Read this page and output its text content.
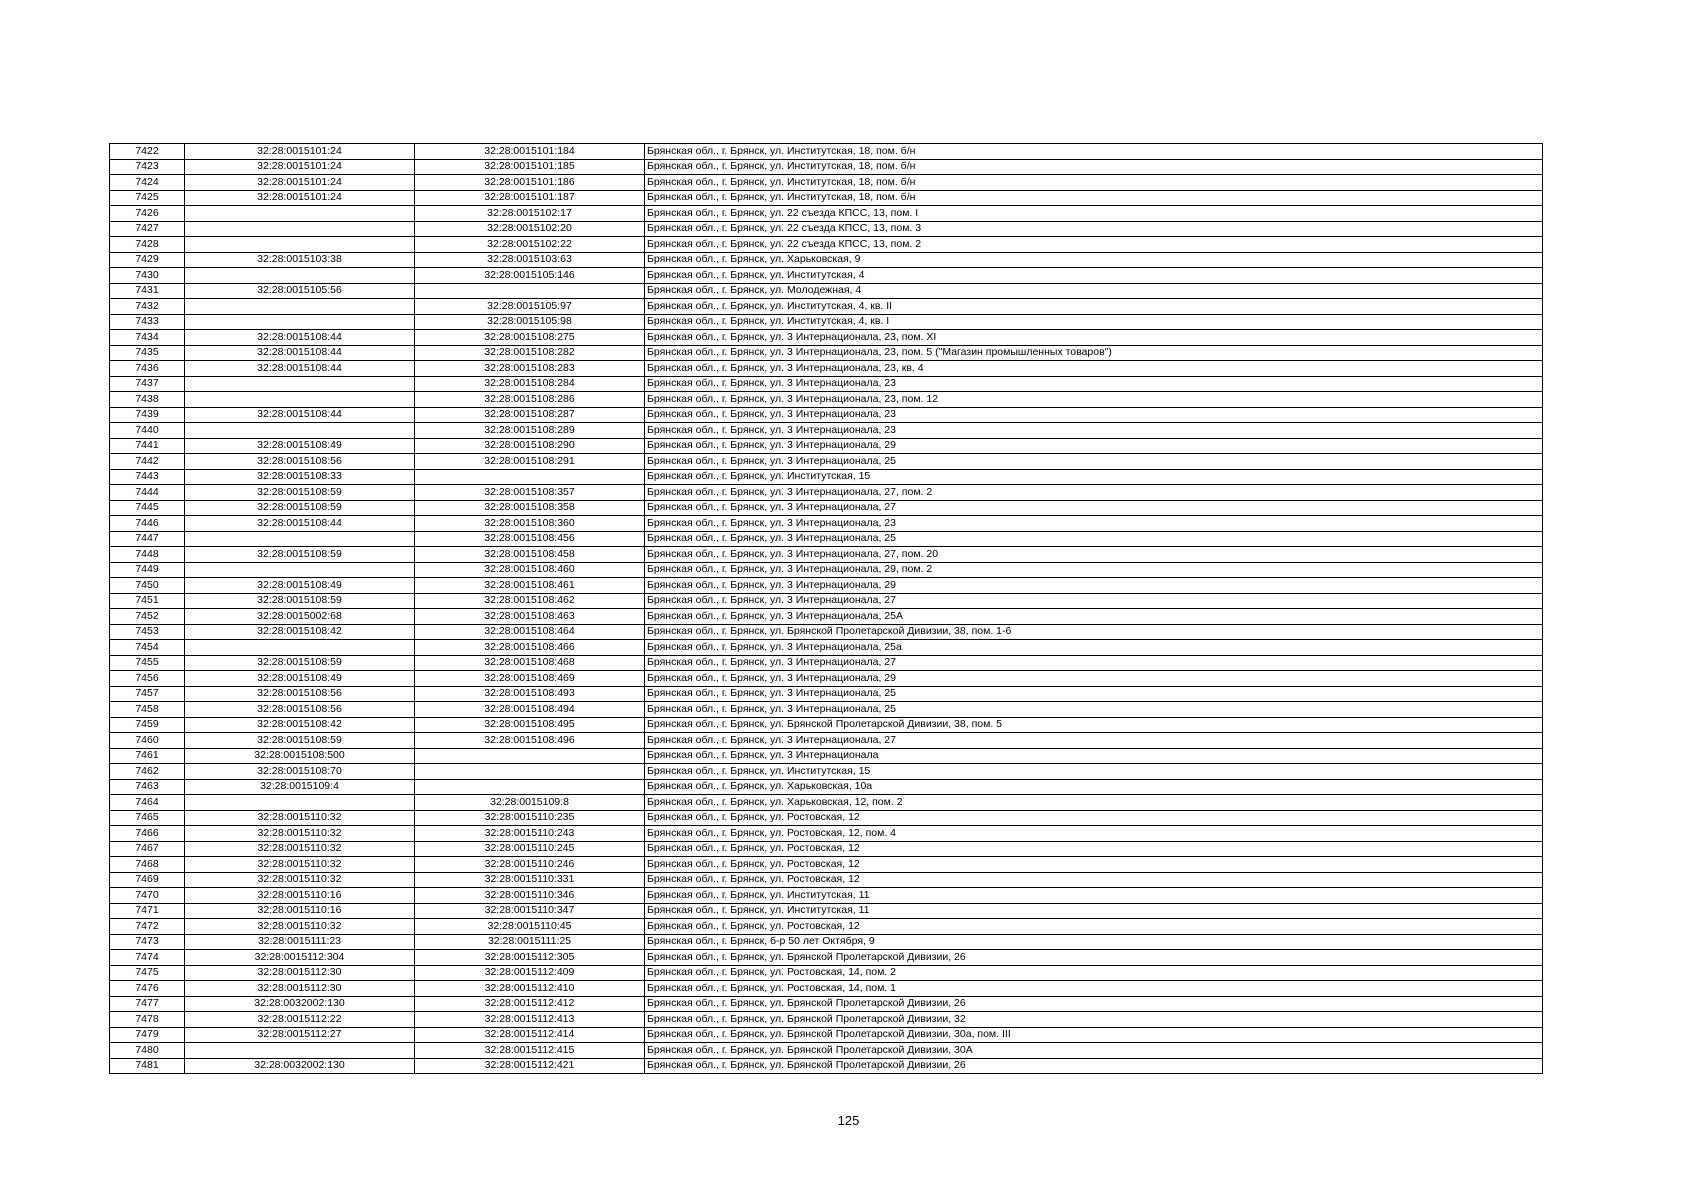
7422	32:28:0015101:24	32:28:0015101:184	Брянская обл., г. Брянск, ул. Институтская, 18, пом. б/н
7423	32:28:0015101:24	32:28:0015101:185	Брянская обл., г. Брянск, ул. Институтская, 18, пом. б/н
7424	32:28:0015101:24	32:28:0015101:186	Брянская обл., г. Брянск, ул. Институтская, 18, пом. б/н
7425	32:28:0015101:24	32:28:0015101:187	Брянская обл., г. Брянск, ул. Институтская, 18, пом. б/н
7426		32:28:0015102:17	Брянская обл., г. Брянск, ул. 22 съезда КПСС, 13, пом. I
7427		32:28:0015102:20	Брянская обл., г. Брянск, ул. 22 съезда КПСС, 13, пом. 3
7428		32:28:0015102:22	Брянская обл., г. Брянск, ул. 22 съезда КПСС, 13, пом. 2
7429	32:28:0015103:38	32:28:0015103:63	Брянская обл., г. Брянск, ул. Харьковская, 9
7430		32:28:0015105:146	Брянская обл., г. Брянск, ул. Институтская, 4
7431	32:28:0015105:56		Брянская обл., г. Брянск, ул. Молодежная, 4
7432		32:28:0015105:97	Брянская обл., г. Брянск, ул. Институтская, 4, кв. II
7433		32:28:0015105:98	Брянская обл., г. Брянск, ул. Институтская, 4, кв. I
7434	32:28:0015108:44	32:28:0015108:275	Брянская обл., г. Брянск, ул. 3 Интернационала, 23, пом. XI
7435	32:28:0015108:44	32:28:0015108:282	Брянская обл., г. Брянск, ул. 3 Интернационала, 23, пом. 5 ("Магазин промышленных товаров")
7436	32:28:0015108:44	32:28:0015108:283	Брянская обл., г. Брянск, ул. 3 Интернационала, 23, кв. 4
7437		32:28:0015108:284	Брянская обл., г. Брянск, ул. 3 Интернационала, 23
7438		32:28:0015108:286	Брянская обл., г. Брянск, ул. 3 Интернационала, 23, пом. 12
7439	32:28:0015108:44	32:28:0015108:287	Брянская обл., г. Брянск, ул. 3 Интернационала, 23
7440		32:28:0015108:289	Брянская обл., г. Брянск, ул. 3 Интернационала, 23
7441	32:28:0015108:49	32:28:0015108:290	Брянская обл., г. Брянск, ул. 3 Интернационала, 29
7442	32:28:0015108:56	32:28:0015108:291	Брянская обл., г. Брянск, ул. 3 Интернационала, 25
7443	32:28:0015108:33		Брянская обл., г. Брянск, ул. Институтская, 15
7444	32:28:0015108:59	32:28:0015108:357	Брянская обл., г. Брянск, ул. 3 Интернационала, 27, пом. 2
7445	32:28:0015108:59	32:28:0015108:358	Брянская обл., г. Брянск, ул. 3 Интернационала, 27
7446	32:28:0015108:44	32:28:0015108:360	Брянская обл., г. Брянск, ул. 3 Интернационала, 23
7447		32:28:0015108:456	Брянская обл., г. Брянск, ул. 3 Интернационала, 25
7448	32:28:0015108:59	32:28:0015108:458	Брянская обл., г. Брянск, ул. 3 Интернационала, 27, пом. 20
7449		32:28:0015108:460	Брянская обл., г. Брянск, ул. 3 Интернационала, 29, пом. 2
7450	32:28:0015108:49	32:28:0015108:461	Брянская обл., г. Брянск, ул. 3 Интернационала, 29
7451	32:28:0015108:59	32:28:0015108:462	Брянская обл., г. Брянск, ул. 3 Интернационала, 27
7452	32:28:0015002:68	32:28:0015108:463	Брянская обл., г. Брянск, ул. 3 Интернационала, 25А
7453	32:28:0015108:42	32:28:0015108:464	Брянская обл., г. Брянск, ул. Брянской Пролетарской Дивизии, 38, пом. 1-6
7454		32:28:0015108:466	Брянская обл., г. Брянск, ул. 3 Интернационала, 25а
7455	32:28:0015108:59	32:28:0015108:468	Брянская обл., г. Брянск, ул. 3 Интернационала, 27
7456	32:28:0015108:49	32:28:0015108:469	Брянская обл., г. Брянск, ул. 3 Интернационала, 29
7457	32:28:0015108:56	32:28:0015108:493	Брянская обл., г. Брянск, ул. 3 Интернационала, 25
7458	32:28:0015108:56	32:28:0015108:494	Брянская обл., г. Брянск, ул. 3 Интернационала, 25
7459	32:28:0015108:42	32:28:0015108:495	Брянская обл., г. Брянск, ул. Брянской Пролетарской Дивизии, 38, пом. 5
7460	32:28:0015108:59	32:28:0015108:496	Брянская обл., г. Брянск, ул. 3 Интернационала, 27
7461	32:28:0015108:500		Брянская обл., г. Брянск, ул. 3 Интернационала
7462	32:28:0015108:70		Брянская обл., г. Брянск, ул. Институтская, 15
7463	32:28:0015109:4		Брянская обл., г. Брянск, ул. Харьковская, 10а
7464		32:28:0015109:8	Брянская обл., г. Брянск, ул. Харьковская, 12, пом. 2
7465	32:28:0015110:32	32:28:0015110:235	Брянская обл., г. Брянск, ул. Ростовская, 12
7466	32:28:0015110:32	32:28:0015110:243	Брянская обл., г. Брянск, ул. Ростовская, 12, пом. 4
7467	32:28:0015110:32	32:28:0015110:245	Брянская обл., г. Брянск, ул. Ростовская, 12
7468	32:28:0015110:32	32:28:0015110:246	Брянская обл., г. Брянск, ул. Ростовская, 12
7469	32:28:0015110:32	32:28:0015110:331	Брянская обл., г. Брянск, ул. Ростовская, 12
7470	32:28:0015110:16	32:28:0015110:346	Брянская обл., г. Брянск, ул. Институтская, 11
7471	32:28:0015110:16	32:28:0015110:347	Брянская обл., г. Брянск, ул. Институтская, 11
7472	32:28:0015110:32	32:28:0015110:45	Брянская обл., г. Брянск, ул. Ростовская, 12
7473	32:28:0015111:23	32:28:0015111:25	Брянская обл., г. Брянск, б-р 50 лет Октября, 9
7474	32:28:0015112:304	32:28:0015112:305	Брянская обл., г. Брянск, ул. Брянской Пролетарской Дивизии, 26
7475	32:28:0015112:30	32:28:0015112:409	Брянская обл., г. Брянск, ул. Ростовская, 14, пом. 2
7476	32:28:0015112:30	32:28:0015112:410	Брянская обл., г. Брянск, ул. Ростовская, 14, пом. 1
7477	32:28:0032002:130	32:28:0015112:412	Брянская обл., г. Брянск, ул. Брянской Пролетарской Дивизии, 26
7478	32:28:0015112:22	32:28:0015112:413	Брянская обл., г. Брянск, ул. Брянской Пролетарской Дивизии, 32
7479	32:28:0015112:27	32:28:0015112:414	Брянская обл., г. Брянск, ул. Брянской Пролетарской Дивизии, 30а, пом. III
7480		32:28:0015112:415	Брянская обл., г. Брянск, ул. Брянской Пролетарской Дивизии, 30А
7481	32:28:0032002:130	32:28:0015112:421	Брянская обл., г. Брянск, ул. Брянской Пролетарской Дивизии, 26
125
